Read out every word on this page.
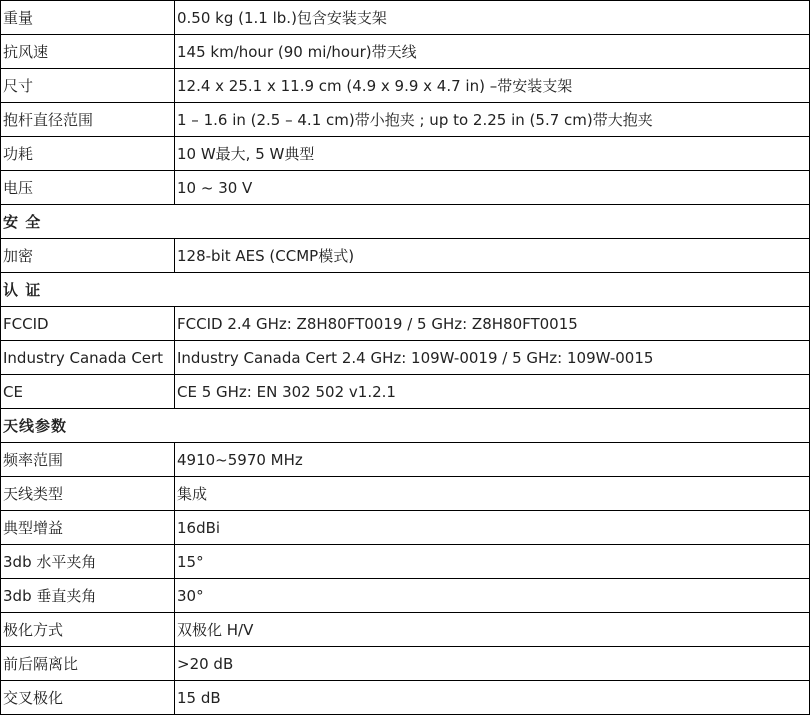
重量	0.50 kg (1.1 lb.)包含安装支架
抗风速	145 km/hour (90 mi/hour)带天线
尺寸	12.4 x 25.1 x 11.9 cm (4.9 x 9.9 x 4.7 in) –带安装支架
抱杆直径范围	1 – 1.6 in (2.5 – 4.1 cm)带小抱夹 ; up to 2.25 in (5.7 cm)带大抱夹
功耗	10 W最大, 5 W典型
电压	10 ~ 30 V
安 全	
加密	128-bit AES (CCMP模式)
认 证	
FCCID	FCCID 2.4 GHz: Z8H80FT0019 / 5 GHz: Z8H80FT0015
Industry Canada Cert	Industry Canada Cert 2.4 GHz: 109W-0019 / 5 GHz: 109W-0015
CE	CE 5 GHz: EN 302 502 v1.2.1
天线参数	
频率范围	4910~5970 MHz
天线类型	集成
典型增益	16dBi
3db 水平夹角	15°
3db 垂直夹角	30°
极化方式	双极化 H/V
前后隔离比	>20 dB
交叉极化	15 dB
